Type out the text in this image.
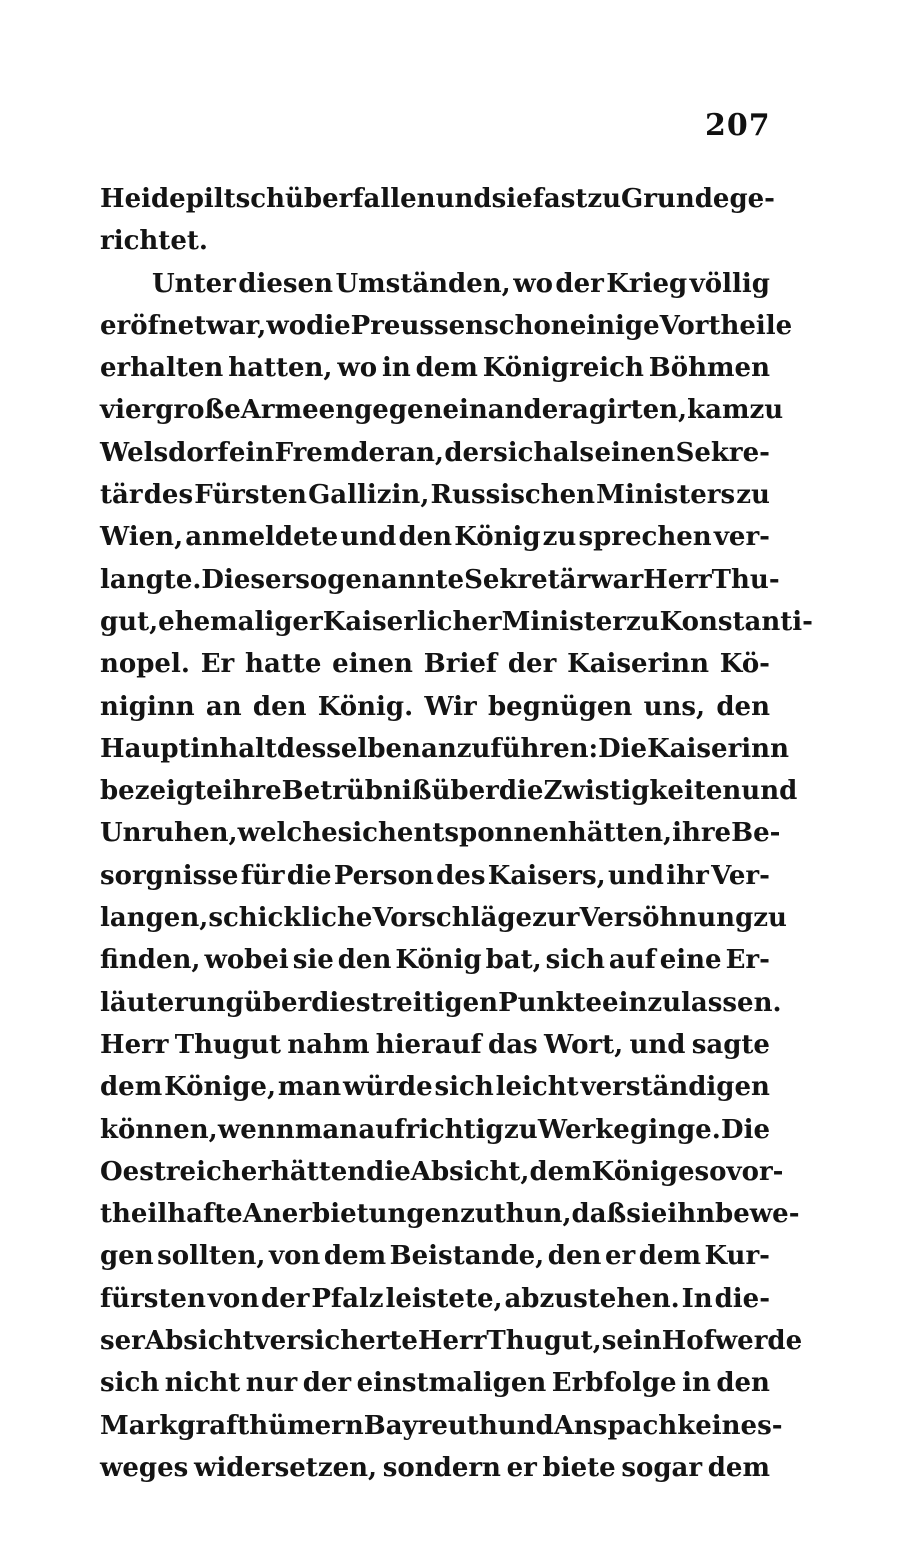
207
Heidepiltsch überfallen und sie fast zu Grunde ge-
richtet.
Unter diesen Umständen, wo der Krieg völlig
eröfnet war, wo die Preussen schon einige Vortheile
erhalten hatten, wo in dem Königreich Böhmen
vier große Armeen gegen einander agirten, kam zu
Welsdorf ein Fremder an, der sich als einen Sekre-
tär des Fürsten Gallizin, Russischen Ministers zu
Wien, anmeldete und den König zu sprechen ver-
langte. Dieser sogenannte Sekretär war Herr Thu-
gut, ehemaliger Kaiserlicher Minister zu Konstanti-
nopel. Er hatte einen Brief der Kaiserinn Kö-
niginn an den König. Wir begnügen uns, den
Hauptinhalt desselben anzuführen: Die Kaiserinn
bezeigte ihre Betrübniß über die Zwistigkeiten und
Unruhen, welche sich entsponnen hätten, ihre Be-
sorgnisse für die Person des Kaisers, und ihr Ver-
langen, schickliche Vorschläge zur Versöhnung zu
finden, wobei sie den König bat, sich auf eine Er-
läuterung über die streitigen Punkte einzulassen.
Herr Thugut nahm hierauf das Wort, und sagte
dem Könige, man würde sich leicht verständigen
können, wenn man aufrichtig zu Werke ginge. Die
Oestreicher hätten die Absicht, dem Könige so vor-
theilhafte Anerbietungen zu thun, daß sie ihn bewe-
gen sollten, von dem Beistande, den er dem Kur-
fürsten von der Pfalz leistete, abzustehen. In die-
ser Absicht versicherte Herr Thugut, sein Hof werde
sich nicht nur der einstmaligen Erbfolge in den
Markgrafthümern Bayreuth und Anspach keines-
weges widersetzen, sondern er biete sogar dem
